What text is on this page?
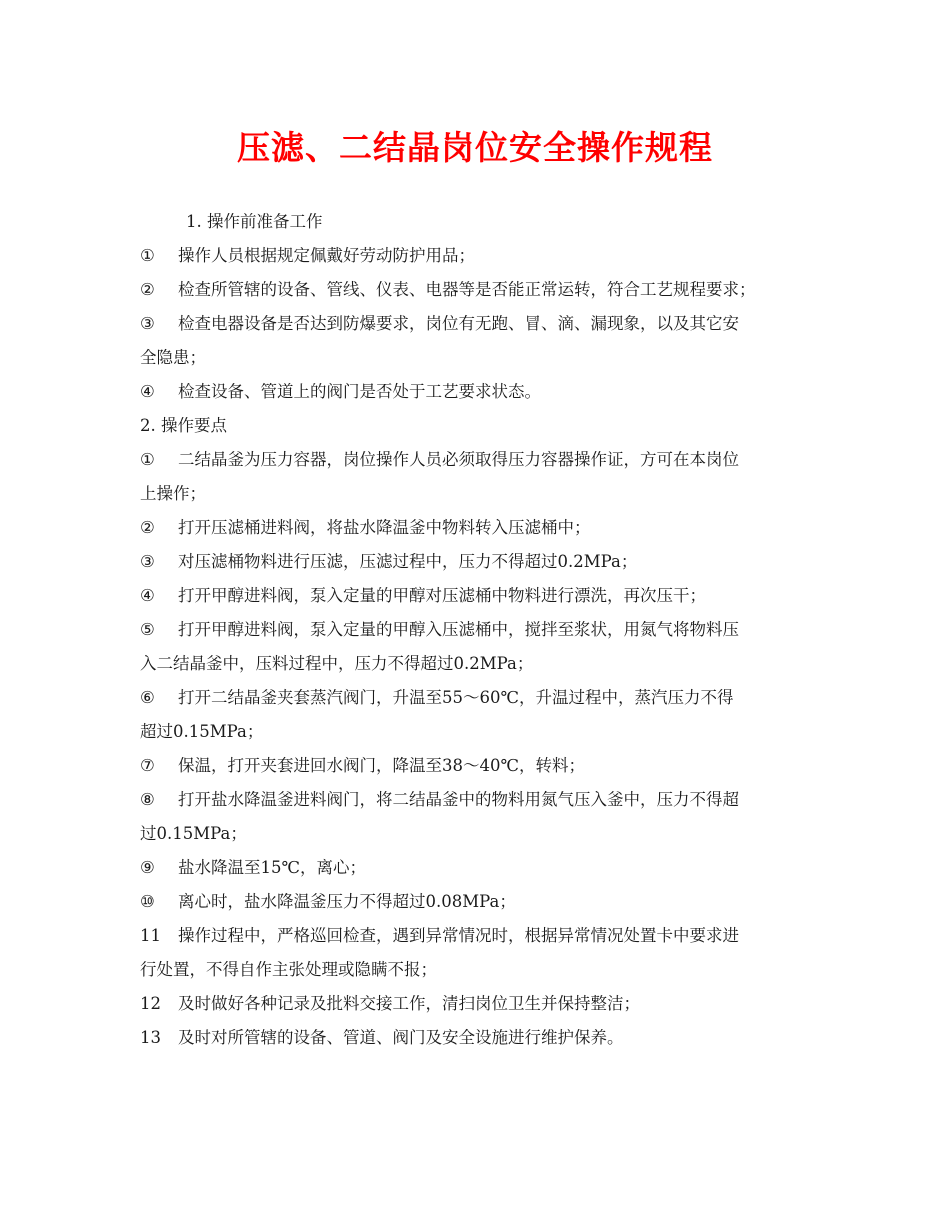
压滤、二结晶岗位安全操作规程
1. 操作前准备工作
① 操作人员根据规定佩戴好劳动防护用品；
② 检查所管辖的设备、管线、仪表、电器等是否能正常运转，符合工艺规程要求；
③ 检查电器设备是否达到防爆要求，岗位有无跑、冒、滴、漏现象，以及其它安
全隐患；
④ 检查设备、管道上的阀门是否处于工艺要求状态。
2. 操作要点
① 二结晶釜为压力容器，岗位操作人员必须取得压力容器操作证，方可在本岗位
上操作；
② 打开压滤桶进料阀，将盐水降温釜中物料转入压滤桶中；
③ 对压滤桶物料进行压滤，压滤过程中，压力不得超过0.2MPa；
④ 打开甲醇进料阀，泵入定量的甲醇对压滤桶中物料进行漂洗，再次压干；
⑤ 打开甲醇进料阀，泵入定量的甲醇入压滤桶中，搅拌至浆状，用氮气将物料压
入二结晶釜中，压料过程中，压力不得超过0.2MPa；
⑥ 打开二结晶釜夹套蒸汽阀门，升温至55～60℃，升温过程中，蒸汽压力不得
超过0.15MPa；
⑦ 保温，打开夹套进回水阀门，降温至38～40℃，转料；
⑧ 打开盐水降温釜进料阀门，将二结晶釜中的物料用氮气压入釜中，压力不得超
过0.15MPa；
⑨ 盐水降温至15℃，离心；
⑩ 离心时，盐水降温釜压力不得超过0.08MPa；
11 操作过程中，严格巡回检查，遇到异常情况时，根据异常情况处置卡中要求进
行处置，不得自作主张处理或隐瞒不报；
12 及时做好各种记录及批料交接工作，清扫岗位卫生并保持整洁；
13 及时对所管辖的设备、管道、阀门及安全设施进行维护保养。
